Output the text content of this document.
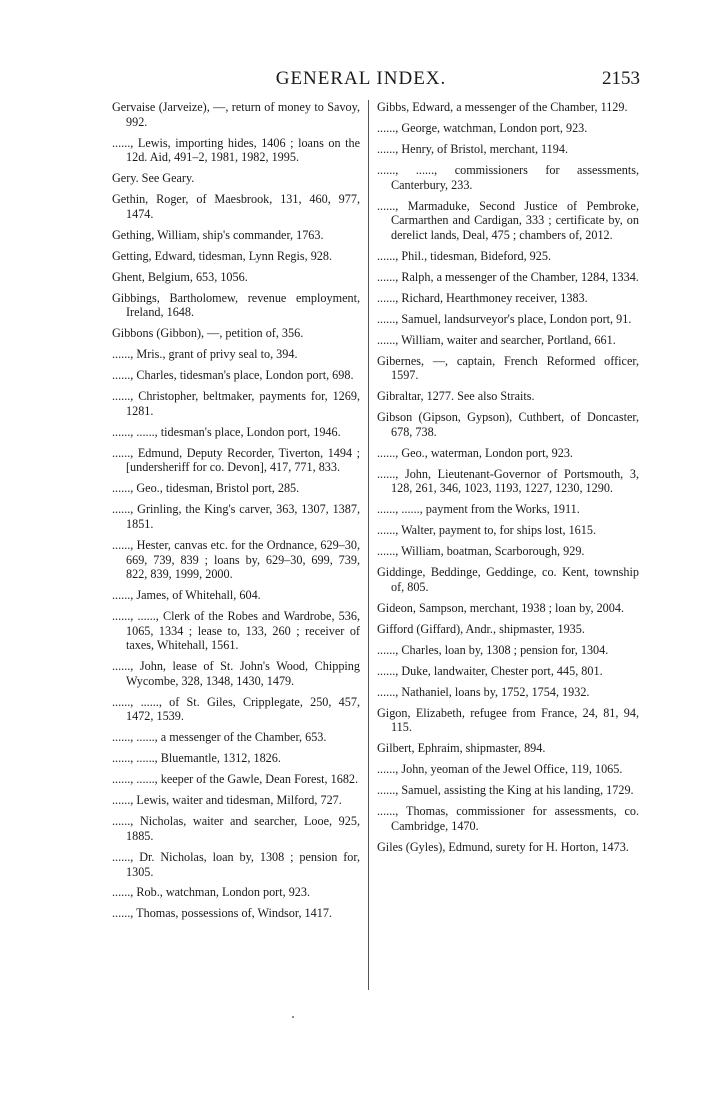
GENERAL INDEX.	2153
Gervaise (Jarveize), —, return of money to Savoy, 992.
......, Lewis, importing hides, 1406 ; loans on the 12d. Aid, 491–2, 1981, 1982, 1995.
Gery. See Geary.
Gethin, Roger, of Maesbrook, 131, 460, 977, 1474.
Gething, William, ship's commander, 1763.
Getting, Edward, tidesman, Lynn Regis, 928.
Ghent, Belgium, 653, 1056.
Gibbings, Bartholomew, revenue employment, Ireland, 1648.
Gibbons (Gibbon), —, petition of, 356.
......, Mris., grant of privy seal to, 394.
......, Charles, tidesman's place, London port, 698.
......, Christopher, beltmaker, payments for, 1269, 1281.
......, ......, tidesman's place, London port, 1946.
......, Edmund, Deputy Recorder, Tiverton, 1494 ; [undersheriff for co. Devon], 417, 771, 833.
......, Geo., tidesman, Bristol port, 285.
......, Grinling, the King's carver, 363, 1307, 1387, 1851.
......, Hester, canvas etc. for the Ordnance, 629–30, 669, 739, 839 ; loans by, 629–30, 699, 739, 822, 839, 1999, 2000.
......, James, of Whitehall, 604.
......, ......, Clerk of the Robes and Wardrobe, 536, 1065, 1334 ; lease to, 133, 260 ; receiver of taxes, Whitehall, 1561.
......, John, lease of St. John's Wood, Chipping Wycombe, 328, 1348, 1430, 1479.
......, ......, of St. Giles, Cripplegate, 250, 457, 1472, 1539.
......, ......, a messenger of the Chamber, 653.
......, ......, Bluemantle, 1312, 1826.
......, ......, keeper of the Gawle, Dean Forest, 1682.
......, Lewis, waiter and tidesman, Milford, 727.
......, Nicholas, waiter and searcher, Looe, 925, 1885.
......, Dr. Nicholas, loan by, 1308 ; pension for, 1305.
......, Rob., watchman, London port, 923.
......, Thomas, possessions of, Windsor, 1417.
Gibbs, Edward, a messenger of the Chamber, 1129.
......, George, watchman, London port, 923.
......, Henry, of Bristol, merchant, 1194.
......, ......, commissioners for assessments, Canterbury, 233.
......, Marmaduke, Second Justice of Pembroke, Carmarthen and Cardigan, 333 ; certificate by, on derelict lands, Deal, 475 ; chambers of, 2012.
......, Phil., tidesman, Bideford, 925.
......, Ralph, a messenger of the Chamber, 1284, 1334.
......, Richard, Hearthmoney receiver, 1383.
......, Samuel, landsurveyor's place, London port, 91.
......, William, waiter and searcher, Portland, 661.
Gibernes, —, captain, French Reformed officer, 1597.
Gibraltar, 1277. See also Straits.
Gibson (Gipson, Gypson), Cuthbert, of Doncaster, 678, 738.
......, Geo., waterman, London port, 923.
......, John, Lieutenant-Governor of Portsmouth, 3, 128, 261, 346, 1023, 1193, 1227, 1230, 1290.
......, ......, payment from the Works, 1911.
......, Walter, payment to, for ships lost, 1615.
......, William, boatman, Scarborough, 929.
Giddinge, Beddinge, Geddinge, co. Kent, township of, 805.
Gideon, Sampson, merchant, 1938 ; loan by, 2004.
Gifford (Giffard), Andr., shipmaster, 1935.
......, Charles, loan by, 1308 ; pension for, 1304.
......, Duke, landwaiter, Chester port, 445, 801.
......, Nathaniel, loans by, 1752, 1754, 1932.
Gigon, Elizabeth, refugee from France, 24, 81, 94, 115.
Gilbert, Ephraim, shipmaster, 894.
......, John, yeoman of the Jewel Office, 119, 1065.
......, Samuel, assisting the King at his landing, 1729.
......, Thomas, commissioner for assessments, co. Cambridge, 1470.
Giles (Gyles), Edmund, surety for H. Horton, 1473.
